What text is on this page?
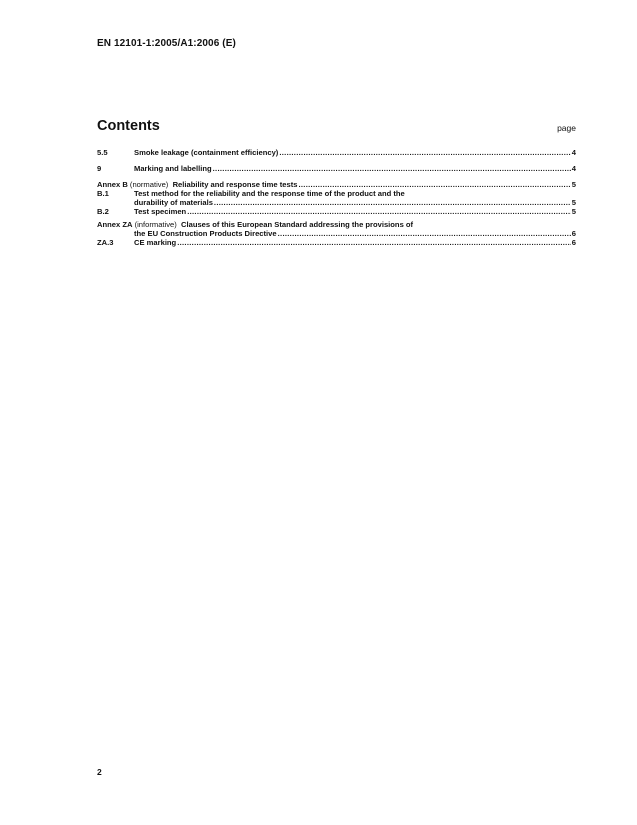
EN 12101-1:2005/A1:2006 (E)
Contents	page
5.5	Smoke leakage (containment efficiency) .....	4
9	Marking and labelling .....	4
Annex B (normative) Reliability and response time tests .....	5
B.1	Test method for the reliability and the response time of the product and the
durability of materials .....	5
B.2	Test specimen .....	5
Annex ZA (informative) Clauses of this European Standard addressing the provisions of
the EU Construction Products Directive .....	6
ZA.3	CE marking .....	6
2
